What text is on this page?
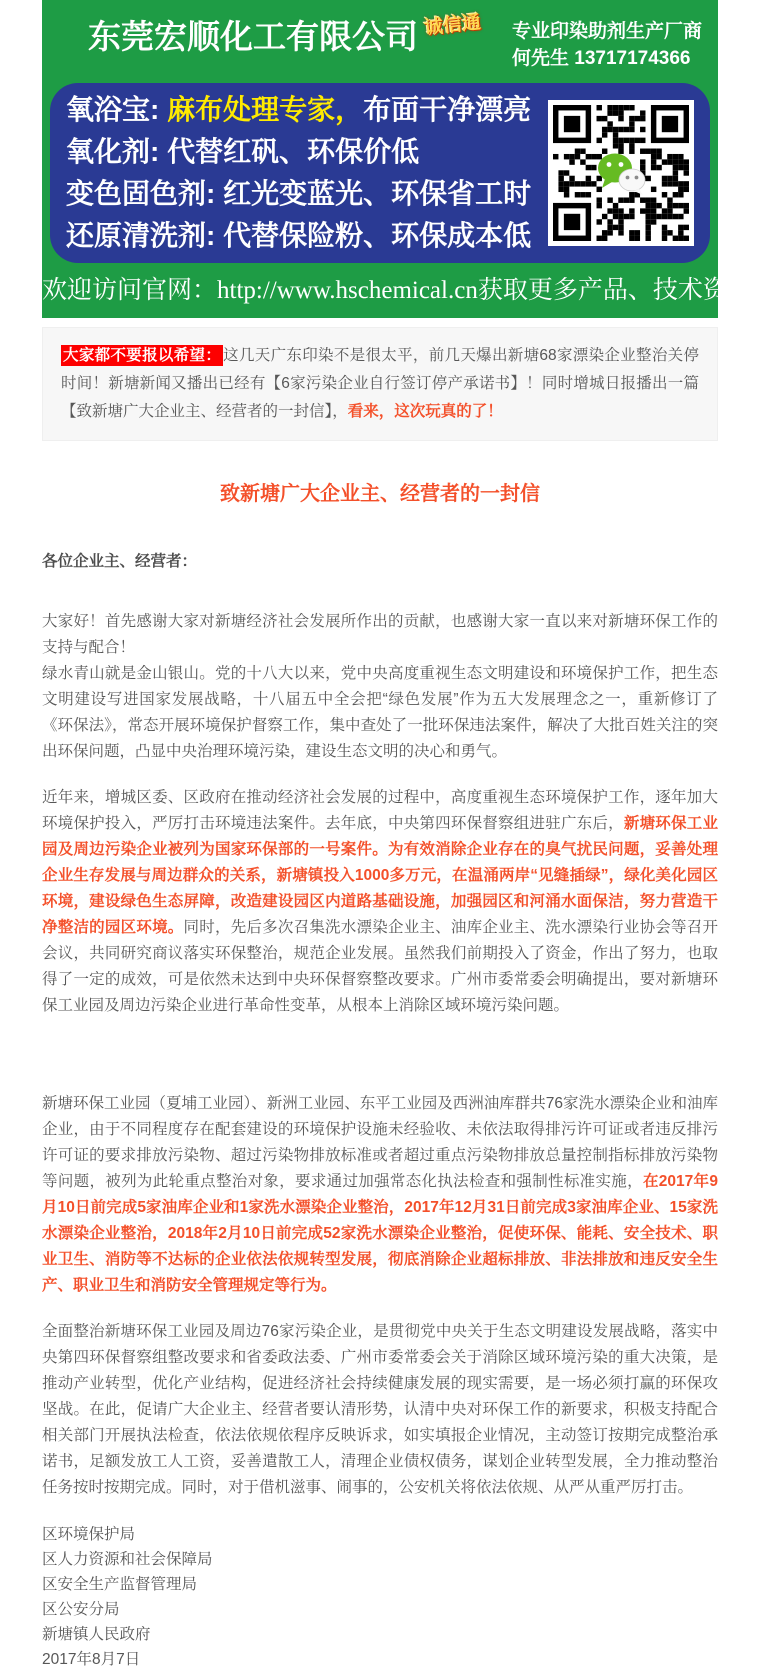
东莞宏顺化工有限公司 诚信通 专业印染助剂生产厂商
何先生 13717174366
氧浴宝: 麻布处理专家，布面干净漂亮
氧化剂: 代替红矾、环保价低
变色固色剂: 红光变蓝光、环保省工时
还原清洗剂: 代替保险粉、环保成本低
欢迎访问官网：http://www.hschemical.cn获取更多产品、技术资讯
大家都不要报以希望： 这几天广东印染不是很太平，前几天爆出新塘68家漂染企业整治关停时间！新塘新闻又播出已经有【6家污染企业自行签订停产承诺书】！同时增城日报播出一篇【致新塘广大企业主、经营者的一封信】，看来，这次玩真的了！
致新塘广大企业主、经营者的一封信

各位企业主、经营者：

大家好！首先感谢大家对新塘经济社会发展所作出的贡献，也感谢大家一直以来对新塘环保工作的支持与配合！

绿水青山就是金山银山。党的十八大以来，党中央高度重视生态文明建设和环境保护工作，把生态文明建设写进国家发展战略，十八届五中全会把“绿色发展”作为五大发展理念之一，重新修订了《环保法》，常态开展环境保护督察工作，集中查处了一批环保违法案件，解决了大批百姓关注的突出环保问题，凸显中央治理环境污染，建设生态文明的决心和勇气。

近年来，增城区委、区政府在推动经济社会发展的过程中，高度重视生态环境保护工作，逐年加大环境保护投入，严厉打击环境违法案件。去年底，中央第四环保督察组进驻广东后，新塘环保工业园及周边污染企业被列为国家环保部的一号案件。为有效消除企业存在的臭气扰民问题，妥善处理企业生存发展与周边群众的关系，新塘镇投入1000多万元，在温涌两岸“见缝插绿”，绿化美化园区环境，建设绿色生态屏障，改造建设园区内道路基础设施，加强园区和河涌水面保洁，努力营造干净整洁的园区环境。同时，先后多次召集洗水漂染企业主、油库企业主、洗水漂染行业协会等召开会议，共同研究商议落实环保整治，规范企业发展。虽然我们前期投入了资金，作出了努力，也取得了一定的成效，可是依然未达到中央环保督察整改要求。广州市委常委会明确提出，要对新塘环保工业园及周边污染企业进行革命性变革，从根本上消除区域环境污染问题。

新塘环保工业园（夏埔工业园）、新洲工业园、东平工业园及西洲油库群共76家洗水漂染企业和油库企业，由于不同程度存在配套建设的环境保护设施未经验收、未依法取得排污许可证或者违反排污许可证的要求排放污染物、超过污染物排放标准或者超过重点污染物排放总量控制指标排放污染物等问题，被列为此轮重点整治对象，要求通过加强常态化执法检查和强制性标准实施，在2017年9月10日前完成5家油库企业和1家洗水漂染企业整治，2017年12月31日前完成3家油库企业、15家洗水漂染企业整治，2018年2月10日前完成52家洗水漂染企业整治，促使环保、能耗、安全技术、职业卫生、消防等不达标的企业依法依规转型发展，彻底消除企业超标排放、非法排放和违反安全生产、职业卫生和消防安全管理规定等行为。

全面整治新塘环保工业园及周边76家污染企业，是贯彻党中央关于生态文明建设发展战略，落实中央第四环保督察组整改要求和省委政法委、广州市委常委会关于消除区域环境污染的重大决策，是推动产业转型，优化产业结构，促进经济社会持续健康发展的现实需要，是一场必须打赢的环保攻坚战。在此，促请广大企业主、经营者要认清形势，认清中央对环保工作的新要求，积极支持配合相关部门开展执法检查，依法依规依程序反映诉求，如实填报企业情况，主动签订按期完成整治承诺书，足额发放工人工资，妥善遣散工人，清理企业债权债务，谋划企业转型发展，全力推动整治任务按时按期完成。同时，对于借机滋事、闹事的，公安机关将依法依规、从严从重严厉打击。

区环境保护局
区人力资源和社会保障局
区安全生产监督管理局
区公安分局
新塘镇人民政府
2017年8月7日
